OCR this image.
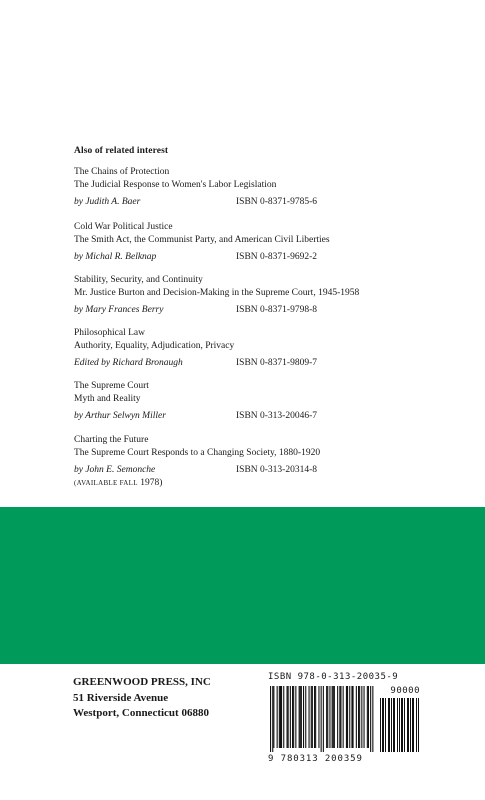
Also of related interest
The Chains of Protection
The Judicial Response to Women's Labor Legislation
by Judith A. Baer	ISBN 0-8371-9785-6
Cold War Political Justice
The Smith Act, the Communist Party, and American Civil Liberties
by Michal R. Belknap	ISBN 0-8371-9692-2
Stability, Security, and Continuity
Mr. Justice Burton and Decision-Making in the Supreme Court, 1945-1958
by Mary Frances Berry	ISBN 0-8371-9798-8
Philosophical Law
Authority, Equality, Adjudication, Privacy
Edited by Richard Bronaugh	ISBN 0-8371-9809-7
The Supreme Court
Myth and Reality
by Arthur Selwyn Miller	ISBN 0-313-20046-7
Charting the Future
The Supreme Court Responds to a Changing Society, 1880-1920
by John E. Semonche	ISBN 0-313-20314-8
(AVAILABLE FALL 1978)
GREENWOOD PRESS, INC
51 Riverside Avenue
Westport, Connecticut 06880
ISBN 978-0-313-20035-9
90000
9 780313 200359
